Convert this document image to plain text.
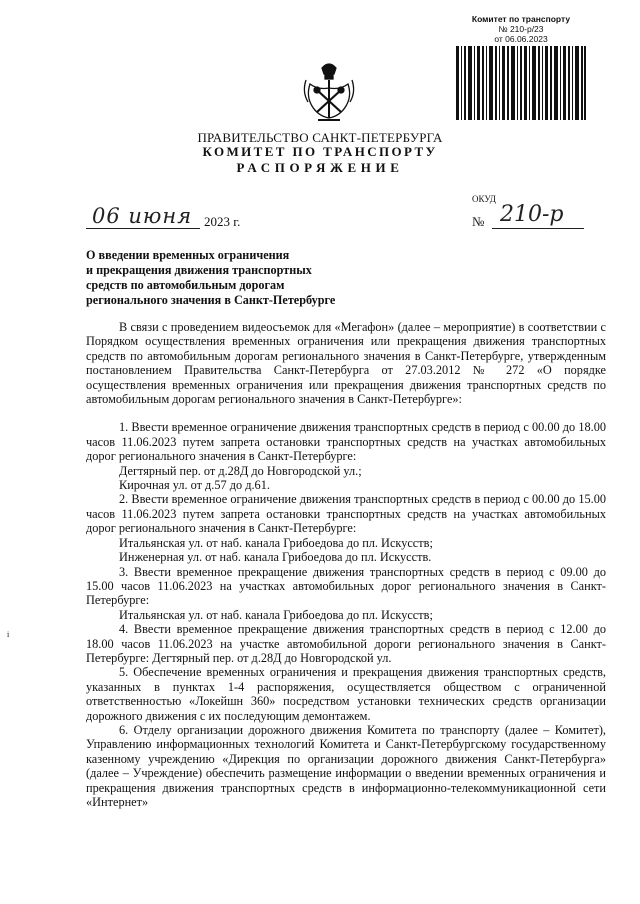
Комитет по транспорту
№ 210-р/23
от 06.06.2023
ПРАВИТЕЛЬСТВО САНКТ-ПЕТЕРБУРГА
КОМИТЕТ ПО ТРАНСПОРТУ
РАСПОРЯЖЕНИЕ
ОКУД
06 июня 2023 г.	№ 210-р
О введении временных ограничения
и прекращения движения транспортных
средств по автомобильным дорогам
регионального значения в Санкт-Петербурге

В связи с проведением видеосъемок для «Мегафон» (далее – мероприятие) в соответствии с Порядком осуществления временных ограничения или прекращения движения транспортных средств по автомобильным дорогам регионального значения в Санкт-Петербурге, утвержденным постановлением Правительства Санкт-Петербурга от 27.03.2012 № 272 «О порядке осуществления временных ограничения или прекращения движения транспортных средств по автомобильным дорогам регионального значения в Санкт-Петербурге»:

1. Ввести временное ограничение движения транспортных средств в период с 00.00 до 18.00 часов 11.06.2023 путем запрета остановки транспортных средств на участках автомобильных дорог регионального значения в Санкт-Петербурге:

Дегтярный пер. от д.28Д до Новгородской ул.;

Кирочная ул. от д.57 до д.61.

2. Ввести временное ограничение движения транспортных средств в период с 00.00 до 15.00 часов 11.06.2023 путем запрета остановки транспортных средств на участках автомобильных дорог регионального значения в Санкт-Петербурге:

Итальянская ул. от наб. канала Грибоедова до пл. Искусств;

Инженерная ул. от наб. канала Грибоедова до пл. Искусств.

3. Ввести временное прекращение движения транспортных средств в период с 09.00 до 15.00 часов 11.06.2023 на участках автомобильных дорог регионального значения в Санкт-Петербурге:

Итальянская ул. от наб. канала Грибоедова до пл. Искусств;

4. Ввести временное прекращение движения транспортных средств в период с 12.00 до 18.00 часов 11.06.2023 на участке автомобильной дороги регионального значения в Санкт-Петербурге: Дегтярный пер. от д.28Д до Новгородской ул.

5. Обеспечение временных ограничения и прекращения движения транспортных средств, указанных в пунктах 1-4 распоряжения, осуществляется обществом с ограниченной ответственностью «Локейшн 360» посредством установки технических средств организации дорожного движения с их последующим демонтажем.

6. Отделу организации дорожного движения Комитета по транспорту (далее – Комитет), Управлению информационных технологий Комитета и Санкт-Петербургскому государственному казенному учреждению «Дирекция по организации дорожного движения Санкт-Петербурга» (далее – Учреждение) обеспечить размещение информации о введении временных ограничения и прекращения движения транспортных средств в информационно-телекоммуникационной сети «Интернет»

i
